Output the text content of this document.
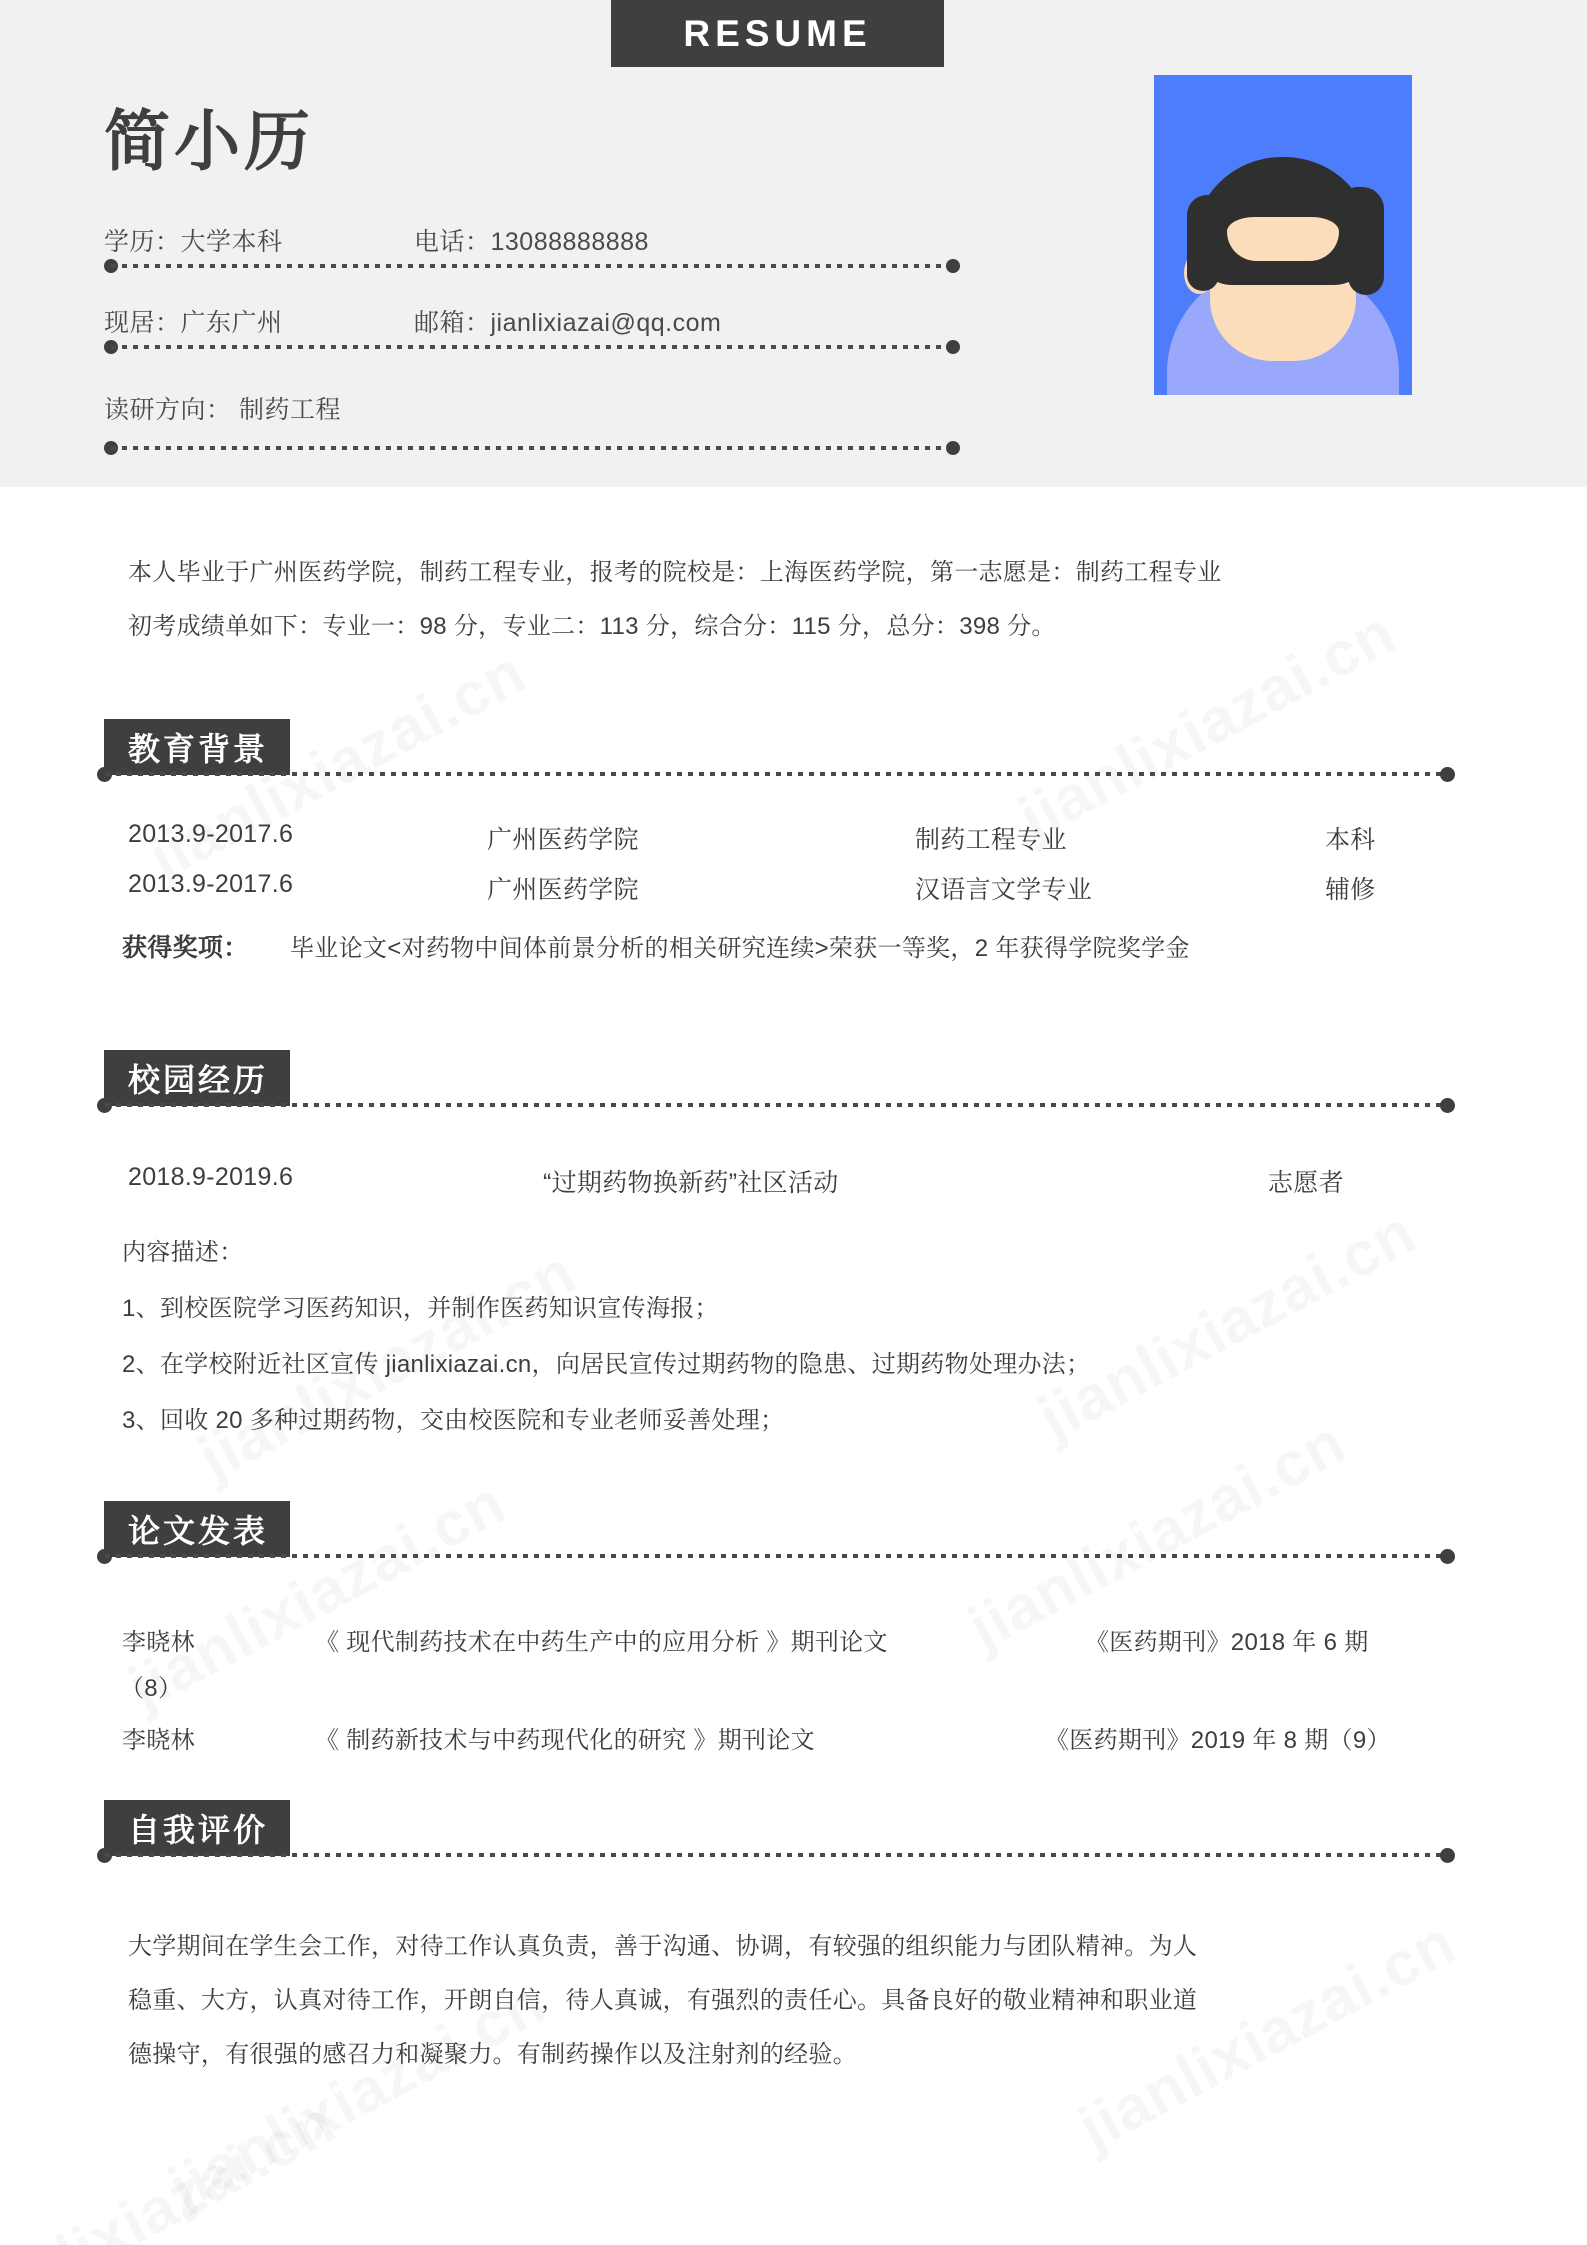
RESUME
简小历
学历：大学本科	电话：13088888888
现居：广东广州	邮箱：jianlixiazai@qq.com
读研方向： 制药工程
本人毕业于广州医药学院，制药工程专业，报考的院校是：上海医药学院，第一志愿是：制药工程专业
初考成绩单如下：专业一：98 分，专业二：113 分，综合分：115 分，总分：398 分。
教育背景
2013.9-2017.6	广州医药学院	制药工程专业	本科
2013.9-2017.6	广州医药学院	汉语言文学专业	辅修
获得奖项： 毕业论文<对药物中间体前景分析的相关研究连续>荣获一等奖，2 年获得学院奖学金
校园经历
2018.9-2019.6	“过期药物换新药”社区活动	志愿者
内容描述：
1、到校医院学习医药知识，并制作医药知识宣传海报；
2、在学校附近社区宣传 jianlixiazai.cn，向居民宣传过期药物的隐患、过期药物处理办法；
3、回收 20 多种过期药物，交由校医院和专业老师妥善处理；
论文发表
李晓林	《 现代制药技术在中药生产中的应用分析 》期刊论文	《医药期刊》2018 年 6 期
（8）
李晓林	《 制药新技术与中药现代化的研究 》期刊论文	《医药期刊》2019 年 8 期（9）
自我评价
大学期间在学生会工作，对待工作认真负责，善于沟通、协调，有较强的组织能力与团队精神。为人
稳重、大方，认真对待工作，开朗自信，待人真诚，有强烈的责任心。具备良好的敬业精神和职业道
德操守，有很强的感召力和凝聚力。有制药操作以及注射剂的经验。
